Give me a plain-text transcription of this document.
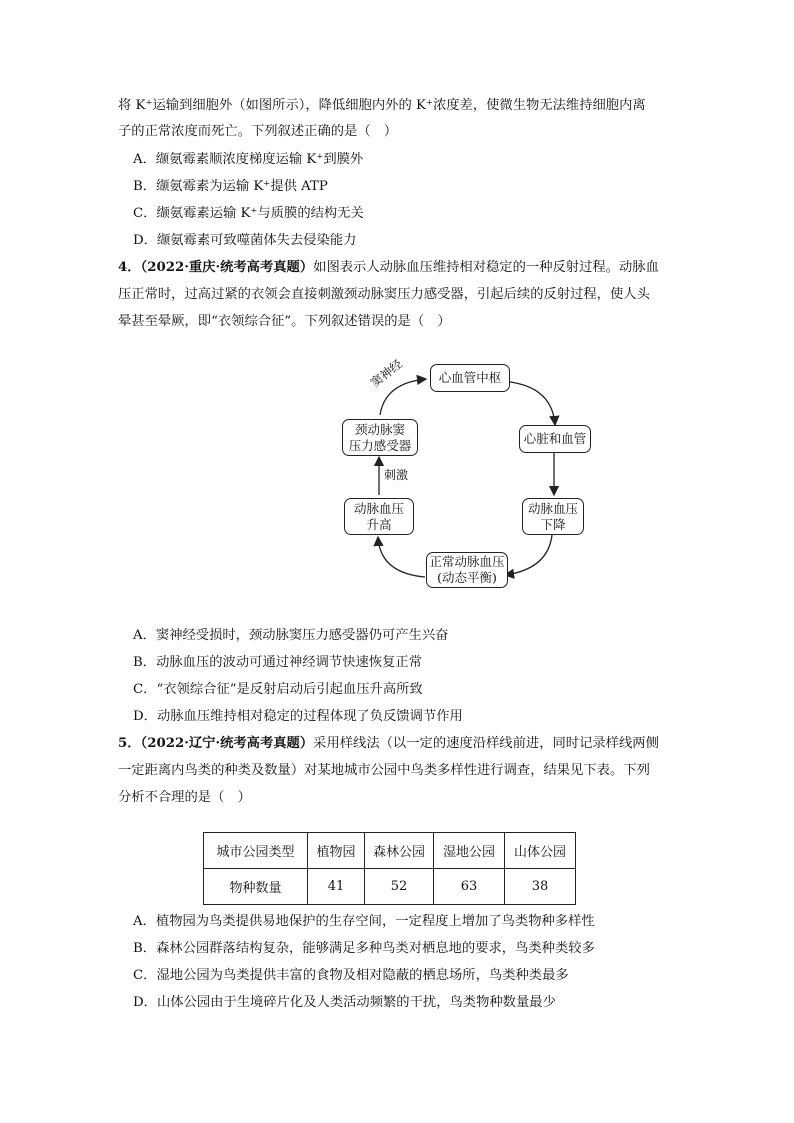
将 K⁺运输到细胞外（如图所示），降低细胞内外的 K⁺浓度差，使微生物无法维持细胞内离
子的正常浓度而死亡。下列叙述正确的是（　）
A．缬氨霉素顺浓度梯度运输 K⁺到膜外
B．缬氨霉素为运输 K⁺提供 ATP
C．缬氨霉素运输 K⁺与质膜的结构无关
D．缬氨霉素可致噬菌体失去侵染能力
4．（2022·重庆·统考高考真题）如图表示人动脉血压维持相对稳定的一种反射过程。动脉血
压正常时，过高过紧的衣领会直接刺激颈动脉窦压力感受器，引起后续的反射过程，使人头
晕甚至晕厥，即“衣领综合征”。下列叙述错误的是（　）
心血管中枢
心脏和血管
动脉血压
下降
正常动脉血压
(动态平衡)
动脉血压
升高
颈动脉窦
压力感受器
刺激
窦神经
A．窦神经受损时，颈动脉窦压力感受器仍可产生兴奋
B．动脉血压的波动可通过神经调节快速恢复正常
C．“衣领综合征”是反射启动后引起血压升高所致
D．动脉血压维持相对稳定的过程体现了负反馈调节作用
5．（2022·辽宁·统考高考真题）采用样线法（以一定的速度沿样线前进，同时记录样线两侧
一定距离内鸟类的种类及数量）对某地城市公园中鸟类多样性进行调查，结果见下表。下列
分析不合理的是（　）
城市公园类型	植物园	森林公园	湿地公园	山体公园
物种数量	41	52	63	38
A．植物园为鸟类提供易地保护的生存空间，一定程度上增加了鸟类物种多样性
B．森林公园群落结构复杂，能够满足多种鸟类对栖息地的要求，鸟类种类较多
C．湿地公园为鸟类提供丰富的食物及相对隐蔽的栖息场所，鸟类种类最多
D．山体公园由于生境碎片化及人类活动频繁的干扰，鸟类物种数量最少
